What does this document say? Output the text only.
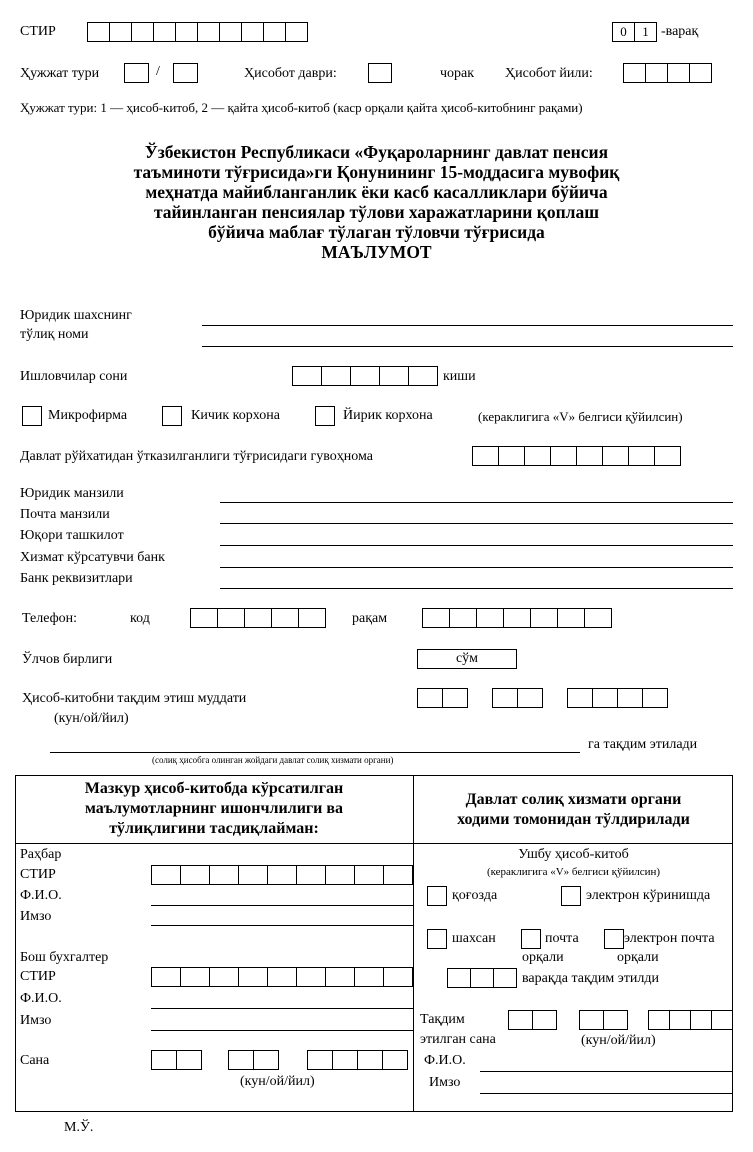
СТИР	0	1 -варақ
Ҳужжат тури	/	Ҳисобот даври:	чорак Ҳисобот йили:
Ҳужжат тури: 1 — ҳисоб-китоб, 2 — қайта ҳисоб-китоб (каср орқали қайта ҳисоб-китобнинг рақами)
Ўзбекистон Республикаси «Фуқароларнинг давлат пенсия
таъминоти тўғрисида»ги Қонунининг 15-моддасига мувофиқ
меҳнатда майибланганлик ёки касб касалликлари бўйича
тайинланган пенсиялар тўлови харажатларини қоплаш
бўйича маблағ тўлаган тўловчи тўғрисида
МАЪЛУМОТ
Юридик шахснинг
тўлиқ номи
Ишловчилар сони	киши
Микрофирма	Кичик корхона	Йирик корхона	(кераклигига «V» белгиси қўйилсин)
Давлат рўйхатидан ўтказилганлиги тўғрисидаги гувоҳнома
Юридик манзили
Почта манзили
Юқори ташкилот
Хизмат кўрсатувчи банк
Банк реквизитлари
Телефон:	код	рақам
Ўлчов бирлиги	сўм
Ҳисоб-китобни тақдим этиш муддати
(кун/ой/йил)
(солиқ ҳисобга олинган жойдаги давлат солиқ хизмати органи)
га тақдим этилади
Мазкур ҳисоб-китобда кўрсатилган
маълумотларнинг ишончлилиги ва
тўлиқлигини тасдиқлайман:
Раҳбар
СТИР
Ф.И.О.
Имзо
Бош бухгалтер
СТИР
Ф.И.О.
Имзо
Сана
(кун/ой/йил)
Давлат солиқ хизмати органи
ходими томонидан тўлдирилади
Ушбу ҳисоб-китоб
(кераклигига «V» белгиси қўйилсин)
қоғозда	электрон кўринишда
шахсан	почта
орқали
электрон почта
орқали
варақда тақдим этилди
Тақдим
этилган сана	(кун/ой/йил)
Ф.И.О.
Имзо
М.Ў.
